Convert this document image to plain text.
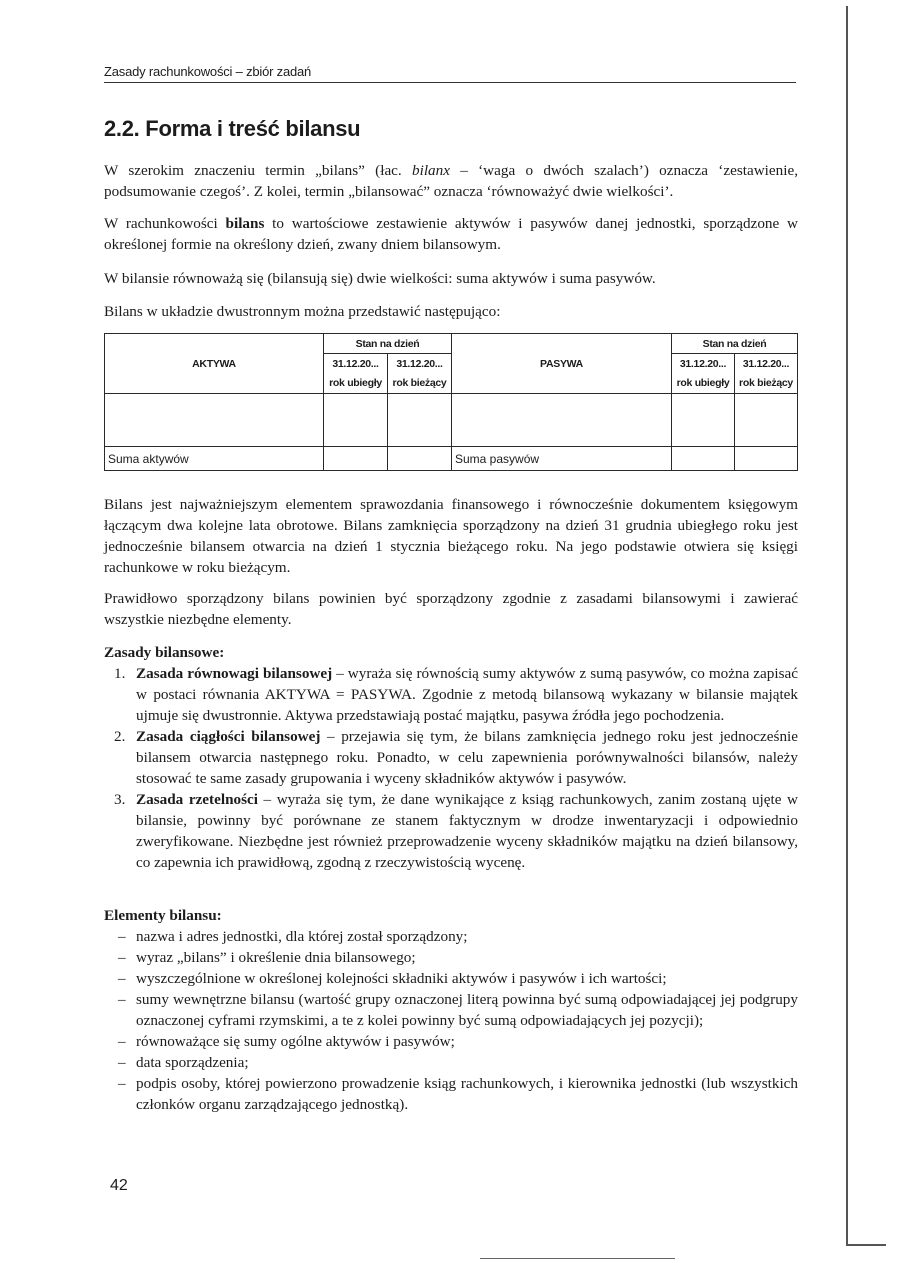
Zasady rachunkowości – zbiór zadań
2.2. Forma i treść bilansu

W szerokim znaczeniu termin „bilans” (łac. bilanx – ‘waga o dwóch szalach’) oznacza ‘zestawienie, podsumowanie czegoś’. Z kolei, termin „bilansować” oznacza ‘równoważyć dwie wielkości’.

W rachunkowości bilans to wartościowe zestawienie aktywów i pasywów danej jednostki, sporządzone w określonej formie na określony dzień, zwany dniem bilansowym.

W bilansie równoważą się (bilansują się) dwie wielkości: suma aktywów i suma pasywów.

Bilans w układzie dwustronnym można przedstawić następująco:

AKTYWA	Stan na dzień		PASYWA	Stan na dzień	
	31.12.20...	31.12.20...		31.12.20...	31.12.20...
	rok ubiegły	rok bieżący		rok ubiegły	rok bieżący

Suma aktywów			Suma pasywów		

Bilans jest najważniejszym elementem sprawozdania finansowego i równocześnie dokumentem księgowym łączącym dwa kolejne lata obrotowe. Bilans zamknięcia sporządzony na dzień 31 grudnia ubiegłego roku jest jednocześnie bilansem otwarcia na dzień 1 stycznia bieżącego roku. Na jego podstawie otwiera się księgi rachunkowe w roku bieżącym.

Prawidłowo sporządzony bilans powinien być sporządzony zgodnie z zasadami bilansowymi i zawierać wszystkie niezbędne elementy.

Zasady bilansowe:
1. Zasada równowagi bilansowej – wyraża się równością sumy aktywów z sumą pasywów, co można zapisać w postaci równania AKTYWA = PASYWA. Zgodnie z metodą bilansową wykazany w bilansie majątek ujmuje się dwustronnie. Aktywa przedstawiają postać majątku, pasywa źródła jego pochodzenia.
2. Zasada ciągłości bilansowej – przejawia się tym, że bilans zamknięcia jednego roku jest jednocześnie bilansem otwarcia następnego roku. Ponadto, w celu zapewnienia porównywalności bilansów, należy stosować te same zasady grupowania i wyceny składników aktywów i pasywów.
3. Zasada rzetelności – wyraża się tym, że dane wynikające z ksiąg rachunkowych, zanim zostaną ujęte w bilansie, powinny być porównane ze stanem faktycznym w drodze inwentaryzacji i odpowiednio zweryfikowane. Niezbędne jest również przeprowadzenie wyceny składników majątku na dzień bilansowy, co zapewnia ich prawidłową, zgodną z rzeczywistością wycenę.
Elementy bilansu:
– nazwa i adres jednostki, dla której został sporządzony;
– wyraz „bilans” i określenie dnia bilansowego;
– wyszczególnione w określonej kolejności składniki aktywów i pasywów i ich wartości;
– sumy wewnętrzne bilansu (wartość grupy oznaczonej literą powinna być sumą odpowiadającej jej podgrupy oznaczonej cyframi rzymskimi, a te z kolei powinny być sumą odpowiadających jej pozycji);
– równoważące się sumy ogólne aktywów i pasywów;
– data sporządzenia;
– podpis osoby, której powierzono prowadzenie ksiąg rachunkowych, i kierownika jednostki (lub wszystkich członków organu zarządzającego jednostką).
42
